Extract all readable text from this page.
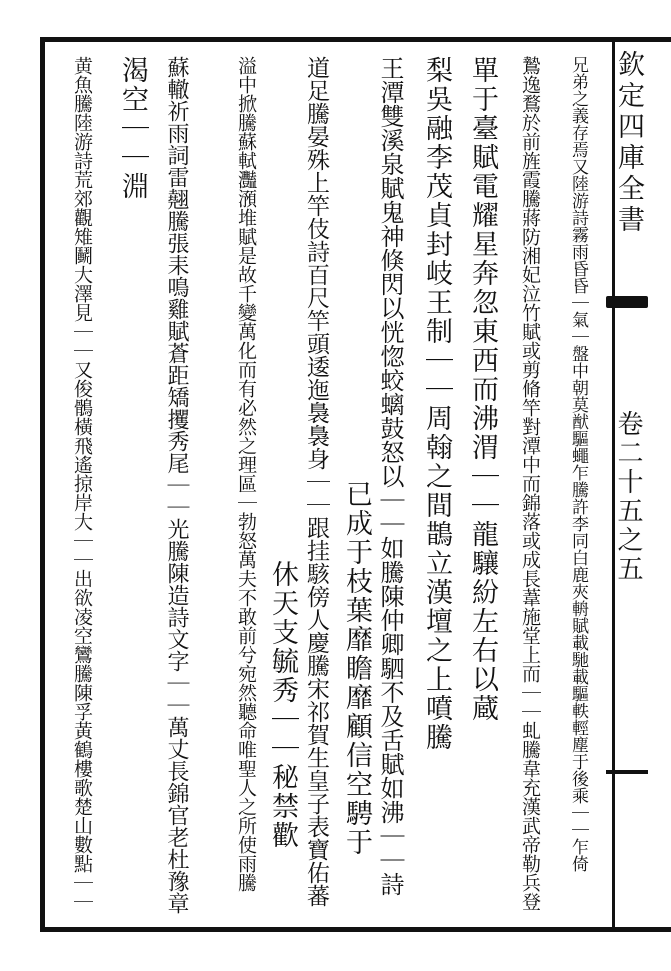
欽定四庫全書
卷二十五之五
兄弟之義存焉又陸游詩霧雨昏昏｜氣｜盤中朝莫猷驅蠅乍騰許李同白鹿夾輈賦載馳載驅軼輕塵于後乘｜｜乍倚
鷙逸鶩於前旌霞騰蔣防湘妃泣竹賦或剪脩竿對潭中而錦落或成長葦施堂上而｜｜虬騰韋充漢武帝勒兵登
單于臺賦電耀星奔忽東西而沸渭｜｜龍驤紛左右以蔵
梨吳融李茂貞封岐王制｜｜周翰之間鵲立漢壇之上噴騰
王潭雙溪泉賦鬼神倏閃以恍惚蛟螭鼓怒以｜｜如騰陳仲卿駟不及舌賦如沸｜｜詩
已成于枝葉靡瞻靡顧信空騁于
道足騰晏殊上竿伎詩百尺竿頭逶迤裊裊身｜｜跟挂駭傍人慶騰宋祁賀生皇子表寶佑蕃
休天支毓秀｜｜秘禁歡
溢中掀騰蘇軾灩澦堆賦是故千變萬化而有必然之理區｜勃怒萬夫不敢前兮宛然聽命唯聖人之所使雨騰
蘇轍祈雨詞雷翹騰張耒鳴雞賦蒼距矯攫秀尾｜｜光騰陳造詩文字｜｜萬丈長錦官老杜豫章
渴空｜｜淵
黄魚騰陸游詩荒郊觀雉鬭大澤見｜｜又俊鶻橫飛遙掠岸大｜｜出欲凌空鸞騰陳孚黃鶴樓歌楚山數點｜｜
